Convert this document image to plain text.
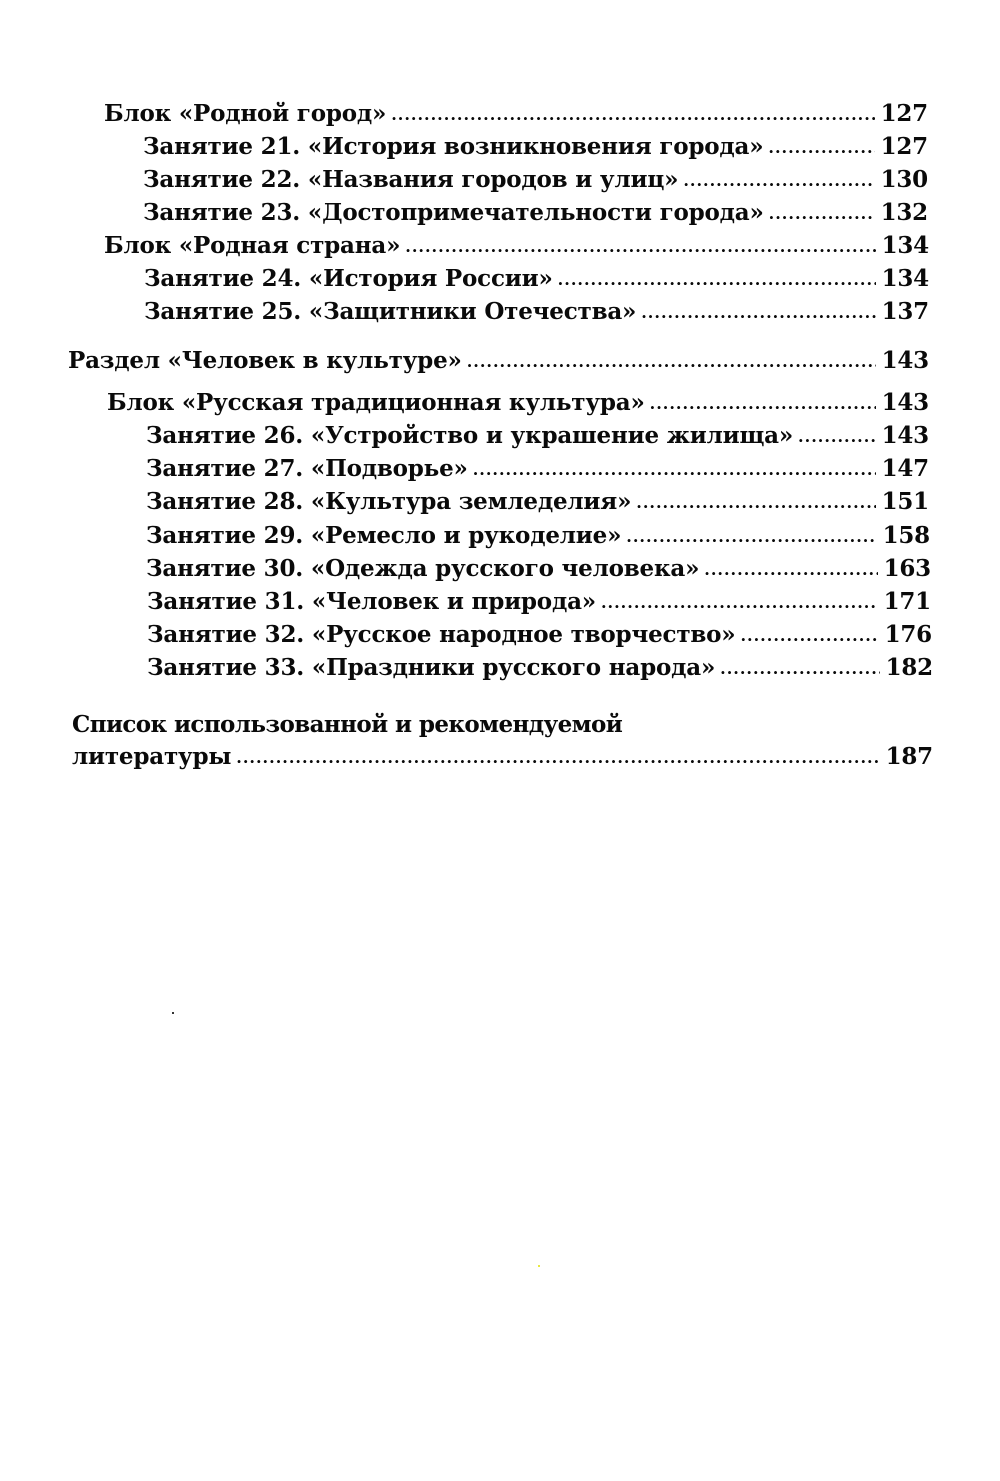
Блок «Родной город» .....	127
Занятие 21. «История возникновения города» .....	127
Занятие 22. «Названия городов и улиц» .....	130
Занятие 23. «Достопримечательности города» .....	132
Блок «Родная страна» .....	134
Занятие 24. «История России» .....	134
Занятие 25. «Защитники Отечества» .....	137
Раздел «Человек в культуре» .....	143
Блок «Русская традиционная культура» .....	143
Занятие 26. «Устройство и украшение жилища» .....	143
Занятие 27. «Подворье» .....	147
Занятие 28. «Культура земледелия» .....	151
Занятие 29. «Ремесло и рукоделие» .....	158
Занятие 30. «Одежда русского человека» .....	163
Занятие 31. «Человек и природа» .....	171
Занятие 32. «Русское народное творчество» .....	176
Занятие 33. «Праздники русского народа» .....	182
Список использованной и рекомендуемой
литературы .....	187
